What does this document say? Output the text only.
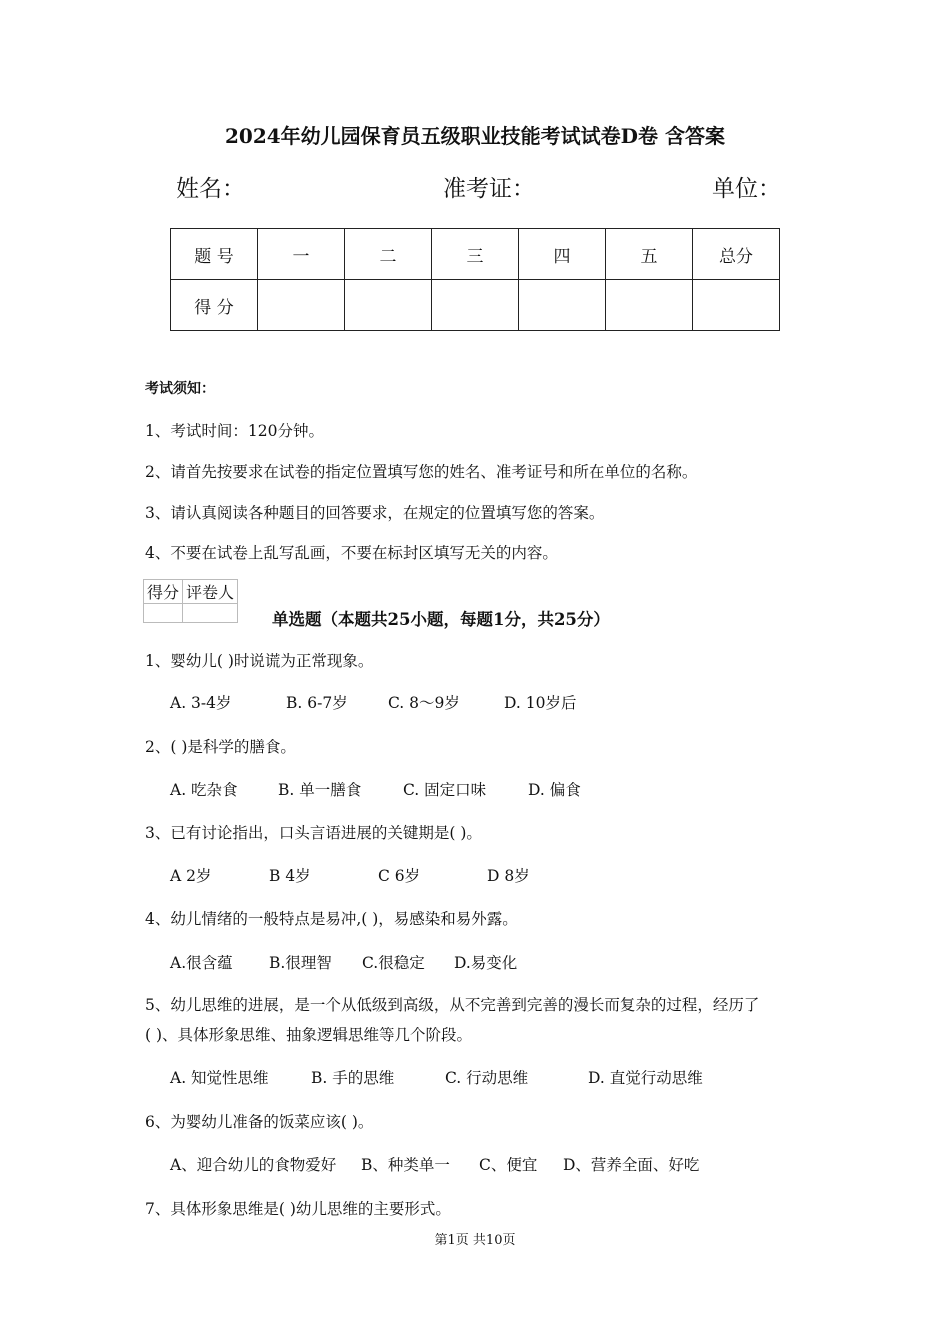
2024年幼儿园保育员五级职业技能考试试卷D卷 含答案
姓名：	准考证：	单位：
题 号	一	二	三	四	五	总分
得 分						
考试须知：
1、考试时间：120分钟。
2、请首先按要求在试卷的指定位置填写您的姓名、准考证号和所在单位的名称。
3、请认真阅读各种题目的回答要求，在规定的位置填写您的答案。
4、不要在试卷上乱写乱画，不要在标封区填写无关的内容。
得分	评卷人

单选题（本题共25小题，每题1分，共25分）
1、婴幼儿( )时说谎为正常现象。
A. 3-4岁	B. 6-7岁	C. 8～9岁	D. 10岁后
2、( )是科学的膳食。
A. 吃杂食	B. 单一膳食	C. 固定口味	D. 偏食
3、已有讨论指出，口头言语进展的关键期是( )。
A 2岁	B 4岁	C 6岁	D 8岁
4、幼儿情绪的一般特点是易冲,( )，易感染和易外露。
A.很含蕴 B.很理智 C.很稳定 D.易变化
5、幼儿思维的进展，是一个从低级到高级，从不完善到完善的漫长而复杂的过程，经历了
( )、具体形象思维、抽象逻辑思维等几个阶段。
A. 知觉性思维	B. 手的思维	C. 行动思维	D. 直觉行动思维
6、为婴幼儿准备的饭菜应该( )。
A、迎合幼儿的食物爱好 B、种类单一 C、便宜 D、营养全面、好吃
7、具体形象思维是( )幼儿思维的主要形式。
第1页 共10页
